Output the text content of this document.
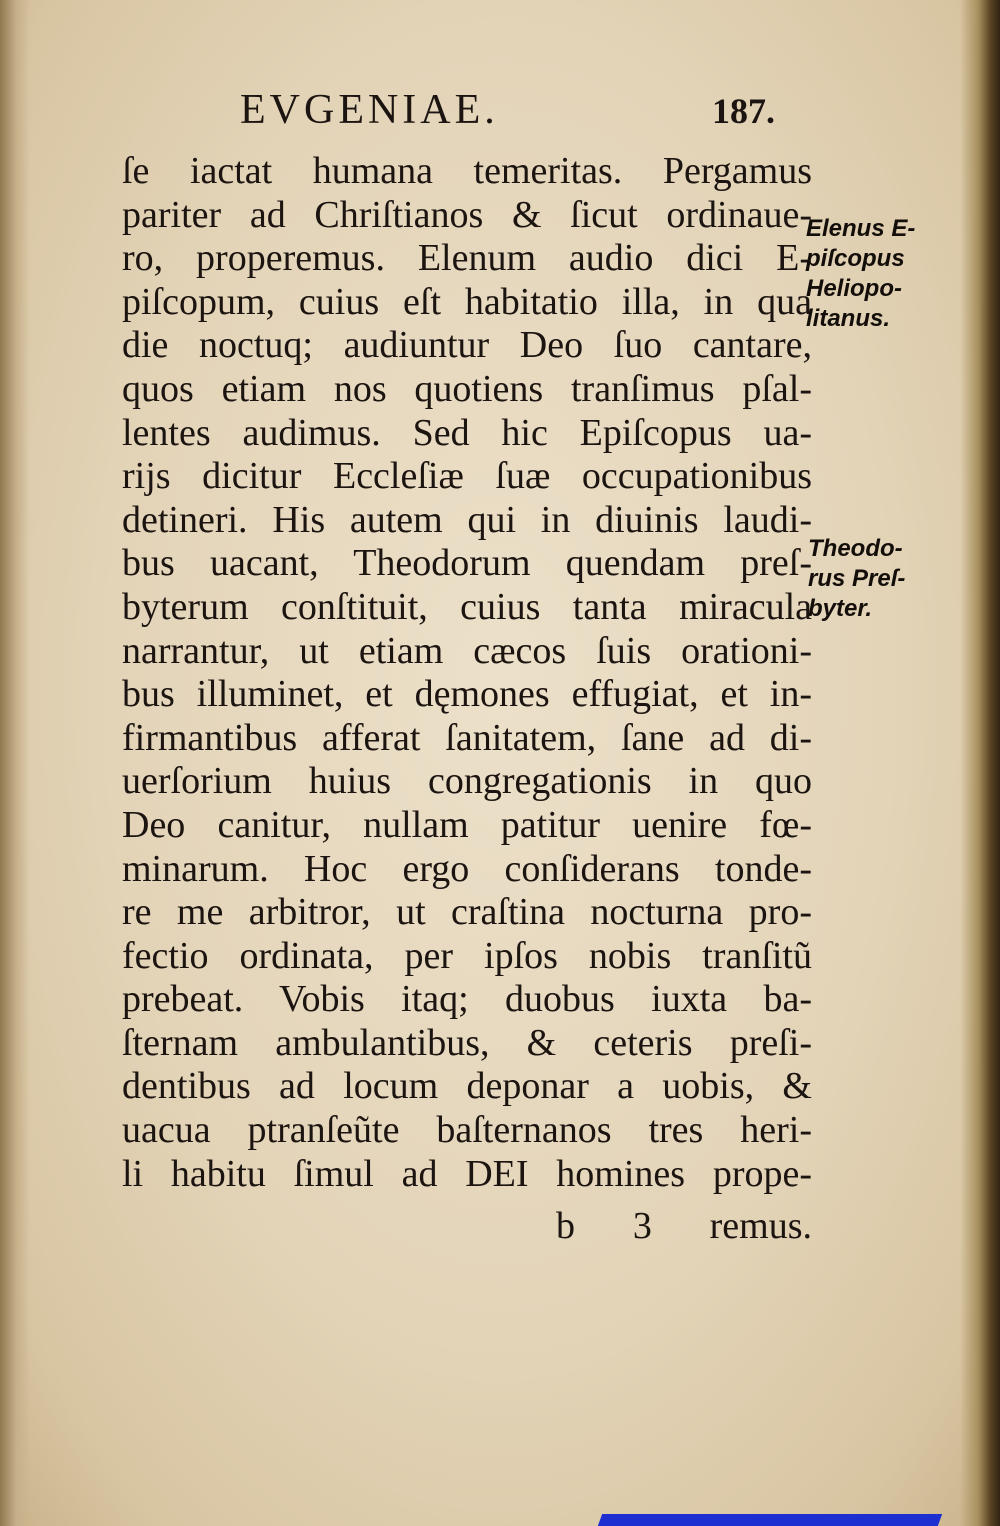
EVGENIAE.	187.
ſe iactat humana temeritas. Pergamus
pariter ad Chriſtianos & ſicut ordinaue-
ro, properemus. Elenum audio dici E-
piſcopum, cuius eſt habitatio illa, in qua
die noctuq; audiuntur Deo ſuo cantare,
quos etiam nos quotiens tranſimus pſal-
lentes audimus. Sed hic Epiſcopus ua-
rijs dicitur Eccleſiæ ſuæ occupationibus
detineri. His autem qui in diuinis laudi-
bus uacant, Theodorum quendam preſ-
byterum conſtituit, cuius tanta miracula
narrantur, ut etiam cæcos ſuis orationi-
bus illuminet, et dęmones effugiat, et in-
firmantibus afferat ſanitatem, ſane ad di-
uerſorium huius congregationis in quo
Deo canitur, nullam patitur uenire fœ-
minarum. Hoc ergo conſiderans tonde-
re me arbitror, ut craſtina nocturna pro-
fectio ordinata, per ipſos nobis tranſitũ
prebeat. Vobis itaq; duobus iuxta ba-
ſternam ambulantibus, & ceteris preſi-
dentibus ad locum deponar a uobis, &
uacua ptranſeũte baſternanos tres heri-
li habitu ſimul ad DEI homines prope-
b 3 remus.
Elenus E-
piſcopus
Heliopo-
litanus.
Theodo-
rus Preſ-
byter.
